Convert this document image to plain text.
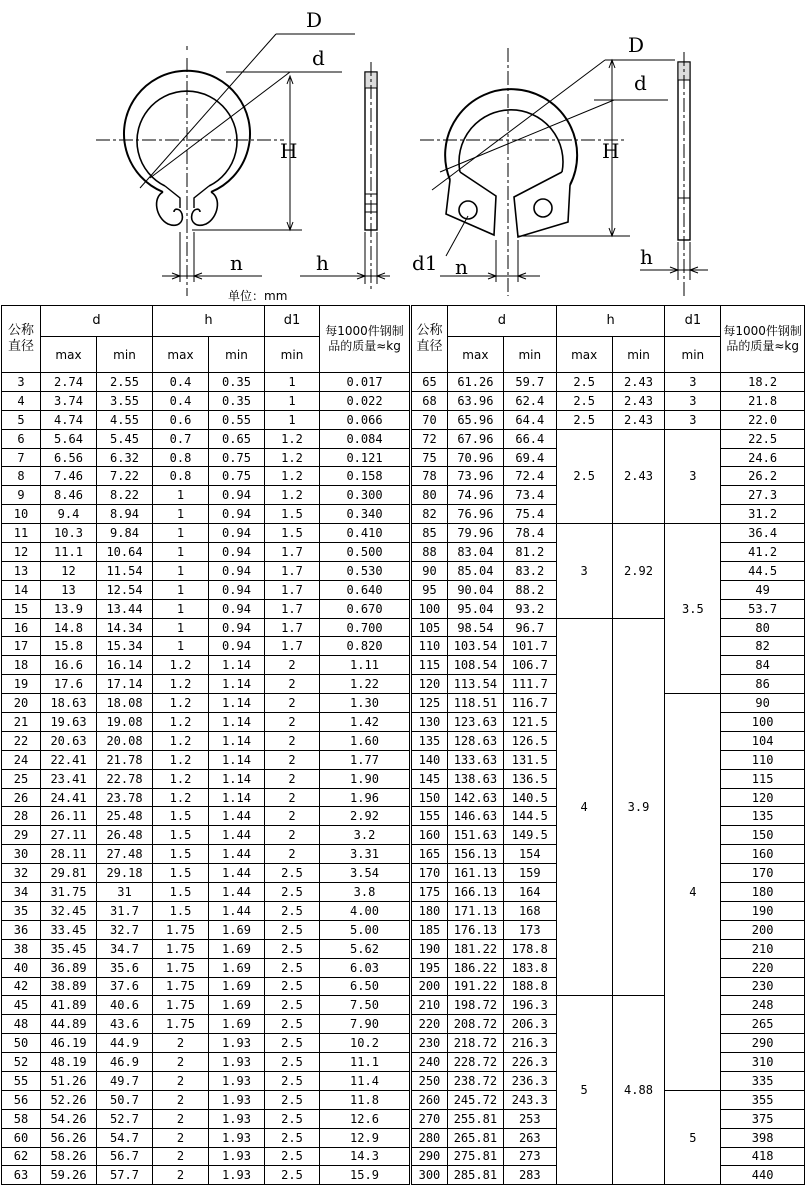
D
d
H
n	h
D
d
H
d1 n	h
单位：mm
公称直径	d		h		d1	每1000件钢制品的质量≈kg
	max	min	max	min	min	
3	2.74	2.55	0.4	0.35	1	0.017
4	3.74	3.55	0.4	0.35	1	0.022
5	4.74	4.55	0.6	0.55	1	0.066
6	5.64	5.45	0.7	0.65	1.2	0.084
7	6.56	6.32	0.8	0.75	1.2	0.121
8	7.46	7.22	0.8	0.75	1.2	0.158
9	8.46	8.22	1	0.94	1.2	0.300
10	9.4	8.94	1	0.94	1.5	0.340
11	10.3	9.84	1	0.94	1.5	0.410
12	11.1	10.64	1	0.94	1.7	0.500
13	12	11.54	1	0.94	1.7	0.530
14	13	12.54	1	0.94	1.7	0.640
15	13.9	13.44	1	0.94	1.7	0.670
16	14.8	14.34	1	0.94	1.7	0.700
17	15.8	15.34	1	0.94	1.7	0.820
18	16.6	16.14	1.2	1.14	2	1.11
19	17.6	17.14	1.2	1.14	2	1.22
20	18.63	18.08	1.2	1.14	2	1.30
21	19.63	19.08	1.2	1.14	2	1.42
22	20.63	20.08	1.2	1.14	2	1.60
24	22.41	21.78	1.2	1.14	2	1.77
25	23.41	22.78	1.2	1.14	2	1.90
26	24.41	23.78	1.2	1.14	2	1.96
28	26.11	25.48	1.5	1.44	2	2.92
29	27.11	26.48	1.5	1.44	2	3.2
30	28.11	27.48	1.5	1.44	2	3.31
32	29.81	29.18	1.5	1.44	2.5	3.54
34	31.75	31	1.5	1.44	2.5	3.8
35	32.45	31.7	1.5	1.44	2.5	4.00
36	33.45	32.7	1.75	1.69	2.5	5.00
38	35.45	34.7	1.75	1.69	2.5	5.62
40	36.89	35.6	1.75	1.69	2.5	6.03
42	38.89	37.6	1.75	1.69	2.5	6.50
45	41.89	40.6	1.75	1.69	2.5	7.50
48	44.89	43.6	1.75	1.69	2.5	7.90
50	46.19	44.9	2	1.93	2.5	10.2
52	48.19	46.9	2	1.93	2.5	11.1
55	51.26	49.7	2	1.93	2.5	11.4
56	52.26	50.7	2	1.93	2.5	11.8
58	54.26	52.7	2	1.93	2.5	12.6
60	56.26	54.7	2	1.93	2.5	12.9
62	58.26	56.7	2	1.93	2.5	14.3
63	59.26	57.7	2	1.93	2.5	15.9
公称直径	d		h		d1	每1000件钢制品的质量≈kg
	max	min	max	min	min	
65	61.26	59.7	2.5	2.43	3	18.2
68	63.96	62.4	2.5	2.43	3	21.8
70	65.96	64.4	2.5	2.43	3	22.0
72	67.96	66.4	2.5	2.43	3	22.5
75	70.96	69.4				24.6
78	73.96	72.4				26.2
80	74.96	73.4				27.3
82	76.96	75.4				31.2
85	79.96	78.4	3	2.92	3.5	36.4
88	83.04	81.2				41.2
90	85.04	83.2				44.5
95	90.04	88.2				49
100	95.04	93.2				53.7
105	98.54	96.7	4	3.9		80
110	103.54	101.7				82
115	108.54	106.7				84
120	113.54	111.7				86
125	118.51	116.7			4	90
130	123.63	121.5				100
135	128.63	126.5				104
140	133.63	131.5				110
145	138.63	136.5				115
150	142.63	140.5				120
155	146.63	144.5				135
160	151.63	149.5				150
165	156.13	154				160
170	161.13	159				170
175	166.13	164				180
180	171.13	168				190
185	176.13	173				200
190	181.22	178.8				210
195	186.22	183.8				220
200	191.22	188.8				230
210	198.72	196.3	5	4.88		248
220	208.72	206.3				265
230	218.72	216.3				290
240	228.72	226.3				310
250	238.72	236.3				335
260	245.72	243.3			5	355
270	255.81	253				375
280	265.81	263				398
290	275.81	273				418
300	285.81	283				440
